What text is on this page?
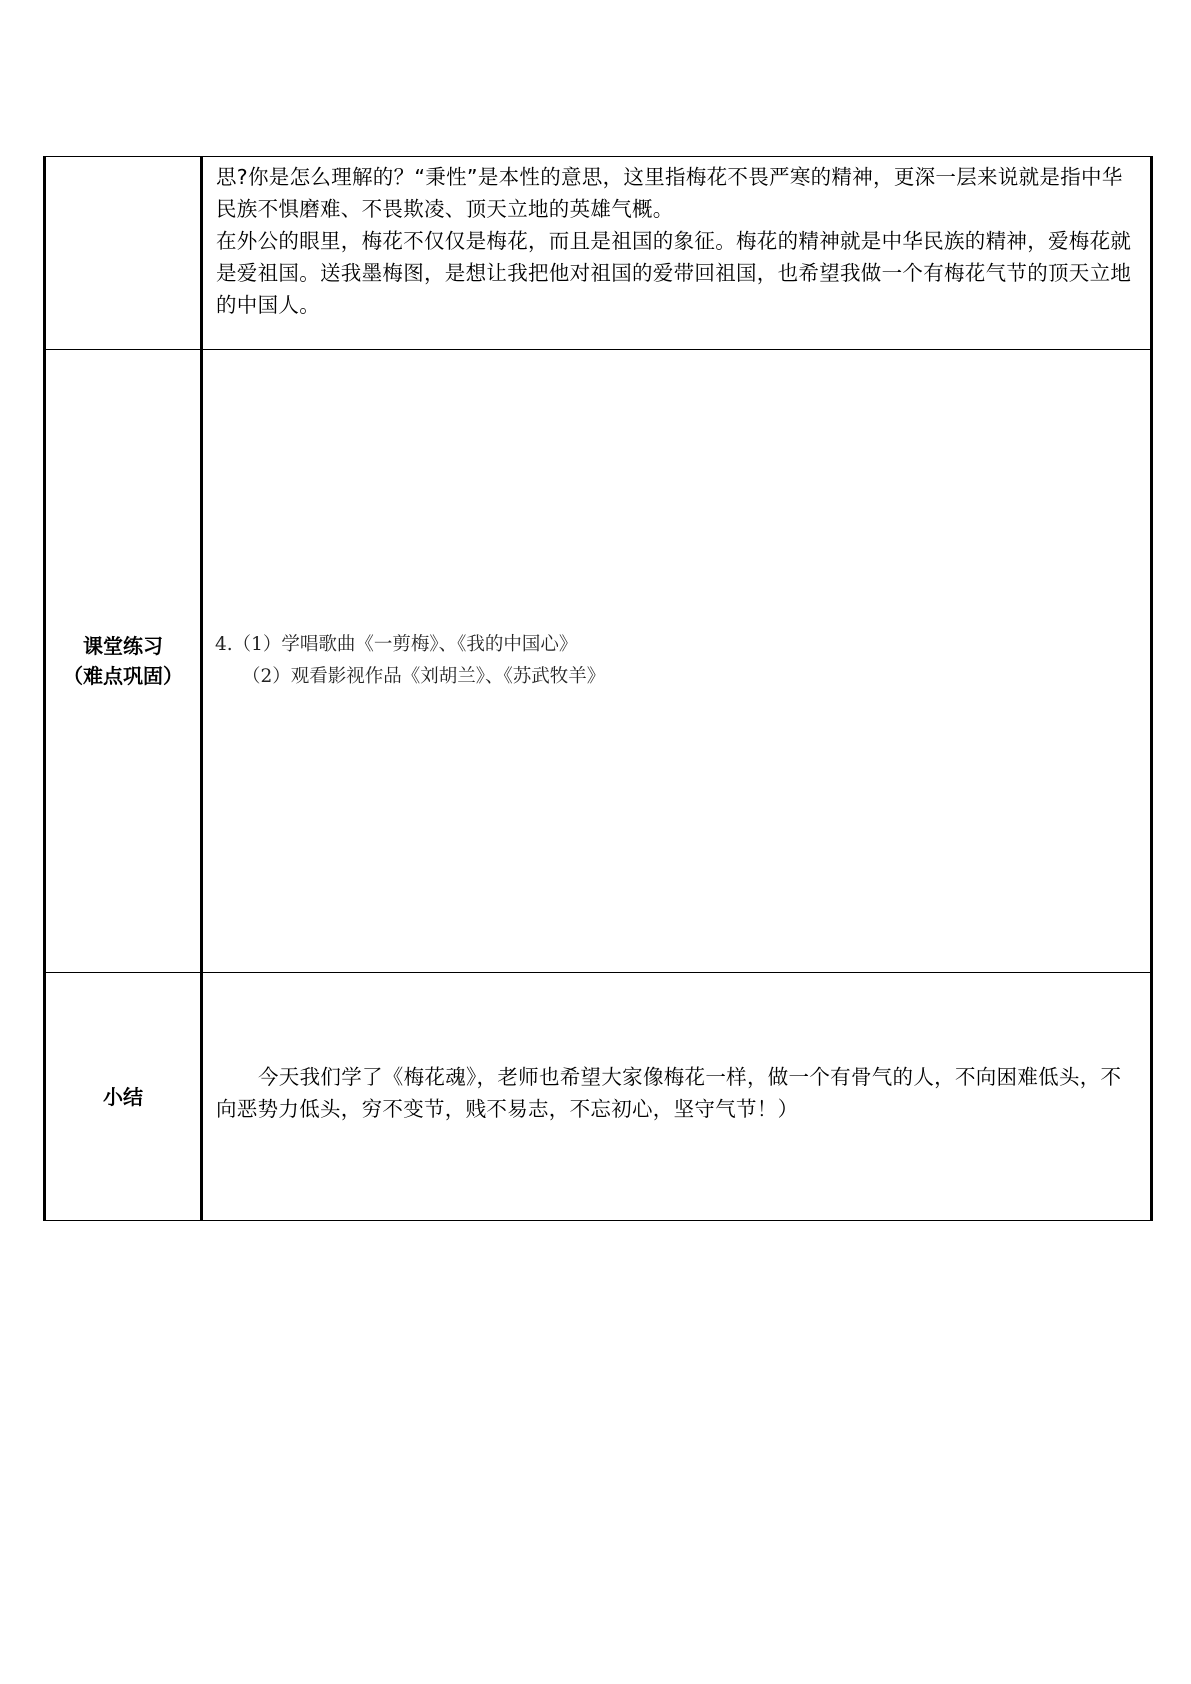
	思?你是怎么理解的？“秉性”是本性的意思，这里指梅花不畏严寒的精神，更深一层来说就是指中华民族不惧磨难、不畏欺凌、顶天立地的英雄气概。

在外公的眼里，梅花不仅仅是梅花，而且是祖国的象征。梅花的精神就是中华民族的精神，爱梅花就是爱祖国。送我墨梅图，是想让我把他对祖国的爱带回祖国，也希望我做一个有梅花气节的顶天立地的中国人。

课堂练习
（难点巩固）	4.（1）学唱歌曲《一剪梅》、《我的中国心》
（2）观看影视作品《刘胡兰》、《苏武牧羊》

小结	今天我们学了《梅花魂》，老师也希望大家像梅花一样，做一个有骨气的人，不向困难低头，不向恶势力低头，穷不变节，贱不易志，不忘初心，坚守气节！）
